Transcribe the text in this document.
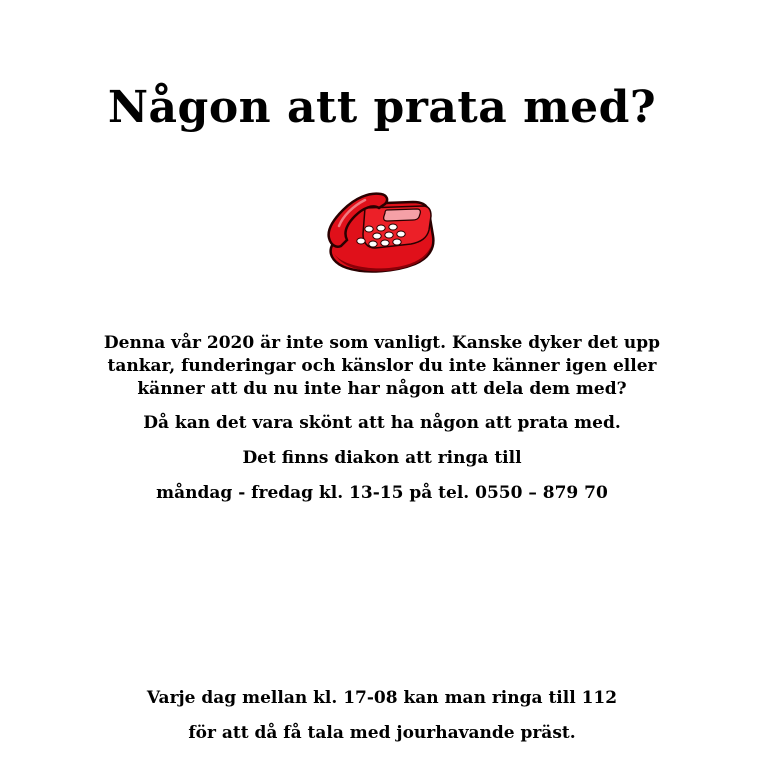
Någon att prata med?

Denna vår 2020 är inte som vanligt. Kanske dyker det upp
tankar, funderingar och känslor du inte känner igen eller
känner att du nu inte har någon att dela dem med?

Då kan det vara skönt att ha någon att prata med.

Det finns diakon att ringa till

måndag - fredag kl. 13-15 på tel. 0550 – 879 70

Varje dag mellan kl. 17-08 kan man ringa till 112

för att då få tala med jourhavande präst.
